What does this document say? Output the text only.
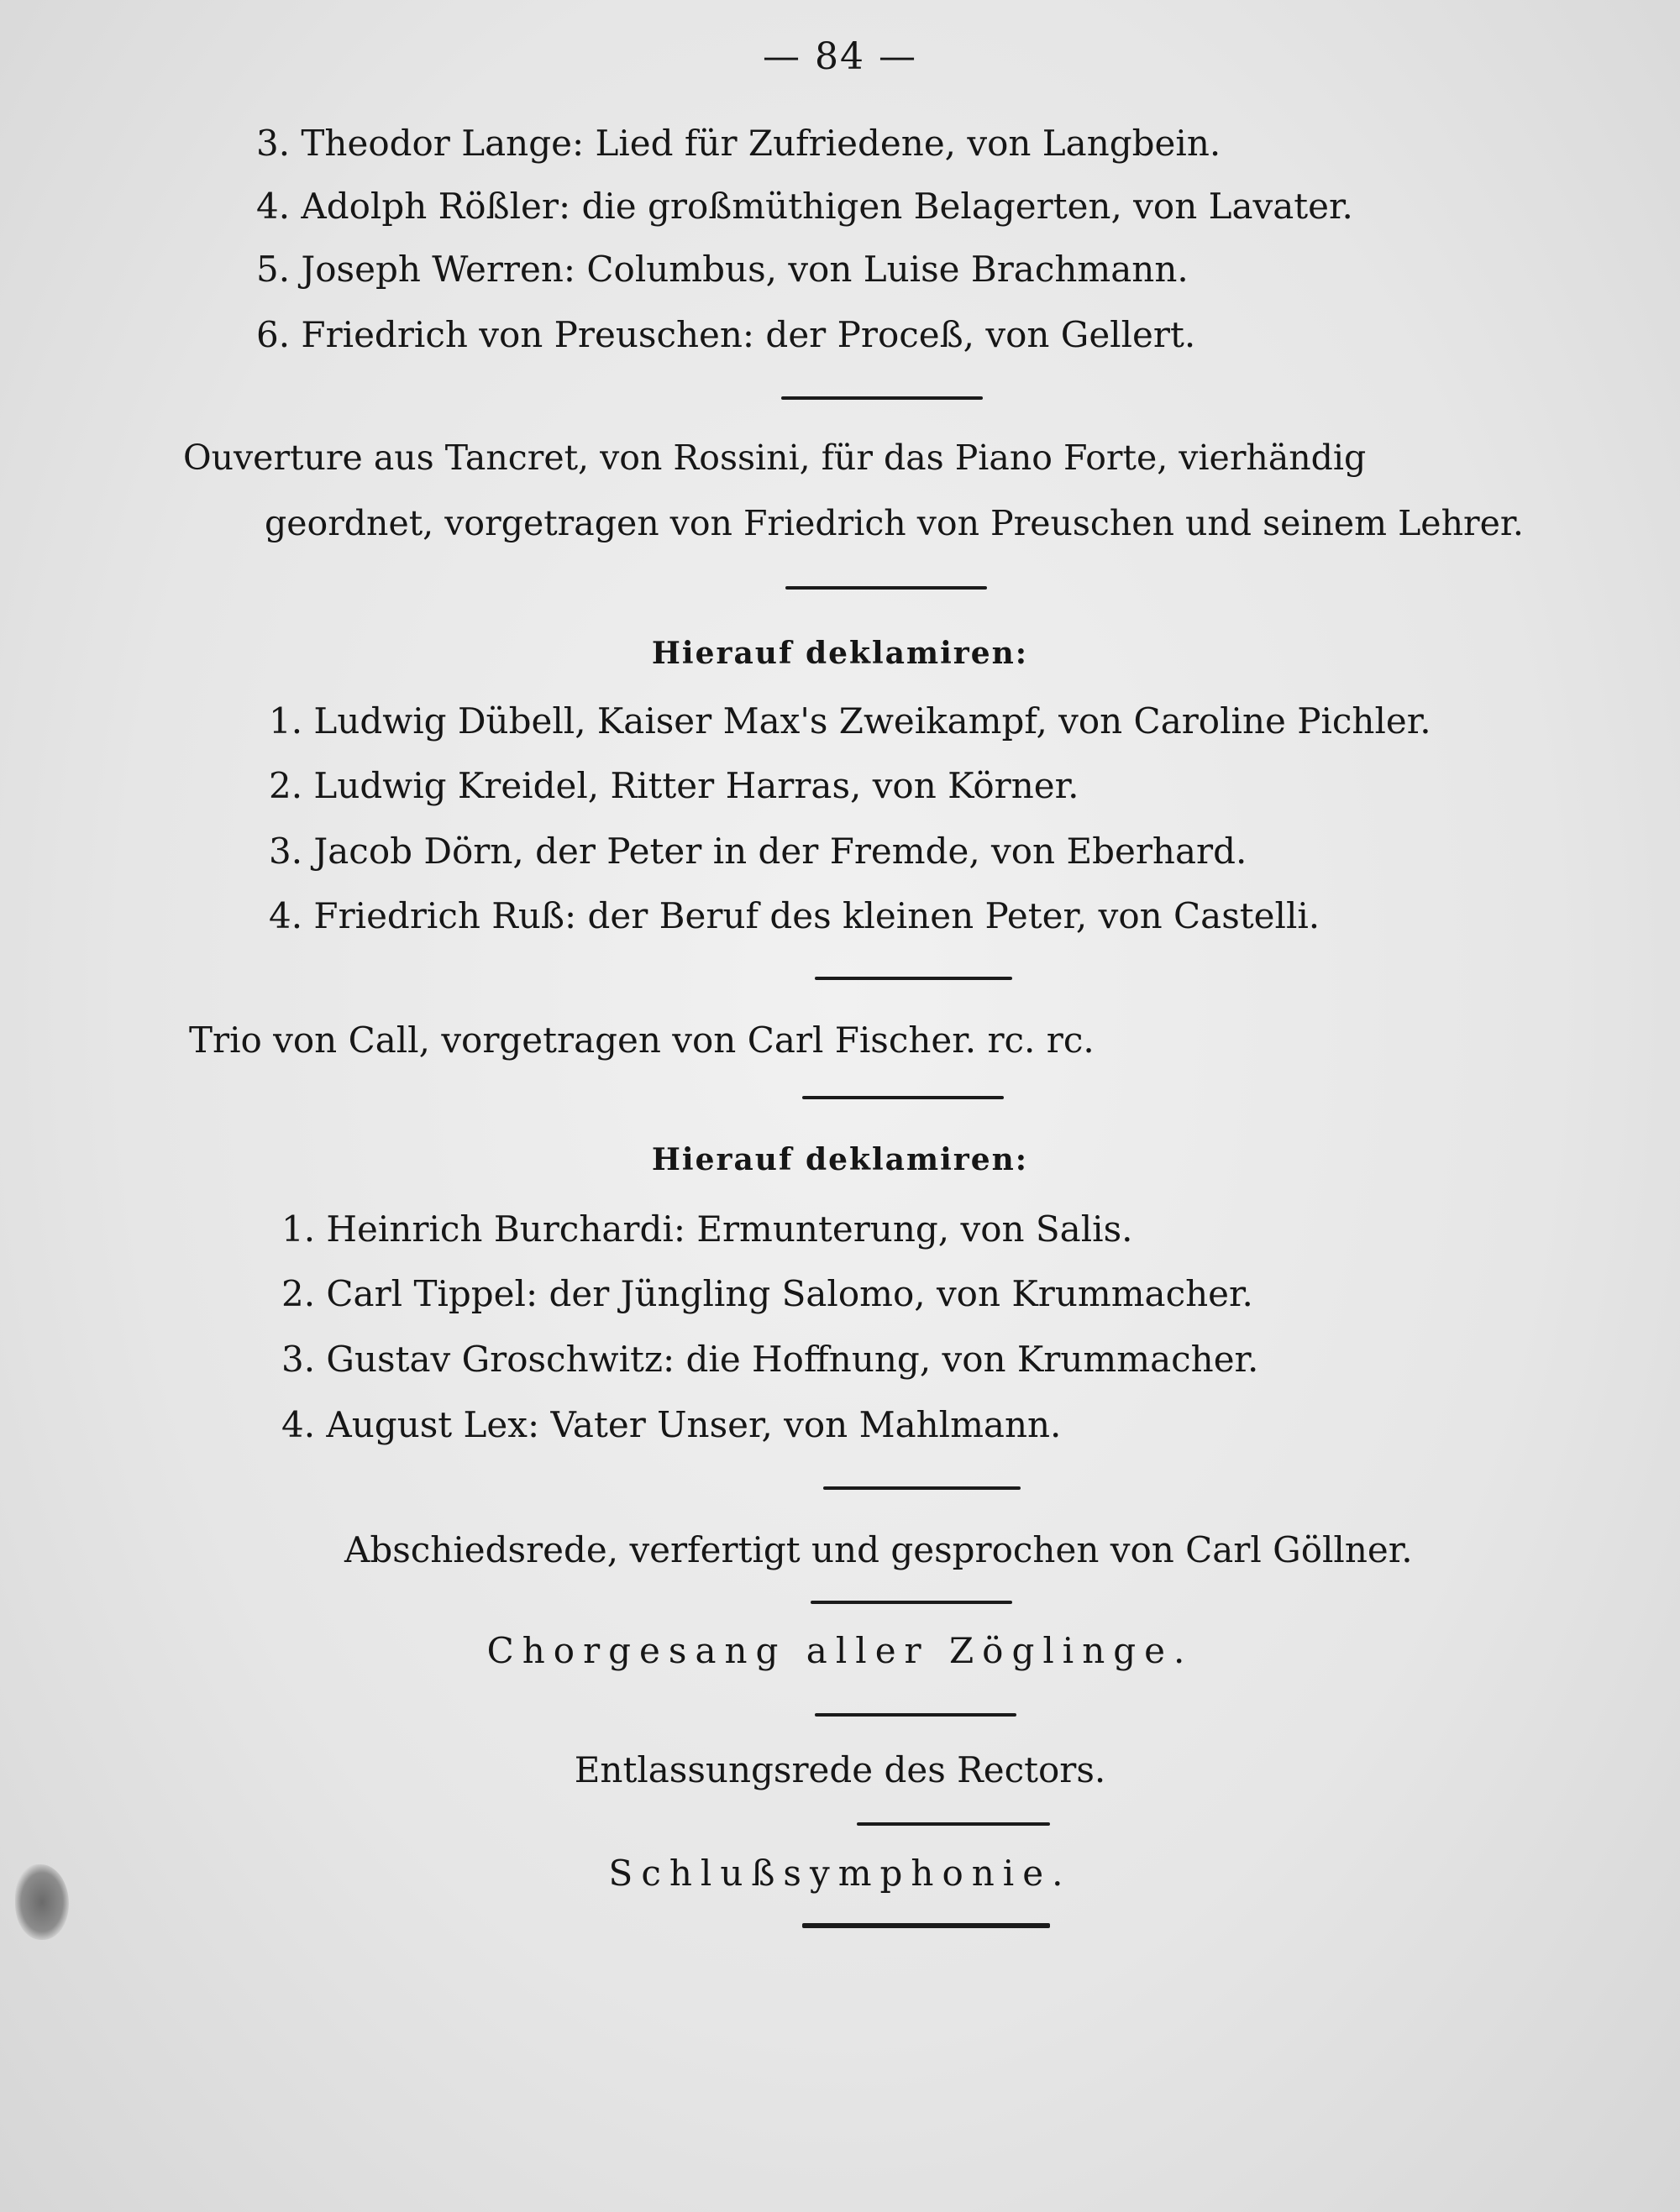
— 84 —
3. Theodor Lange: Lied für Zufriedene, von Langbein.
4. Adolph Rößler: die großmüthigen Belagerten, von Lavater.
5. Joseph Werren: Columbus, von Luise Brachmann.
6. Friedrich von Preuschen: der Proceß, von Gellert.
Ouverture aus Tancret, von Rossini, für das Piano Forte, vierhändig
geordnet, vorgetragen von Friedrich von Preuschen und seinem Lehrer.
Hierauf deklamiren:
1. Ludwig Dübell, Kaiser Max's Zweikampf, von Caroline Pichler.
2. Ludwig Kreidel, Ritter Harras, von Körner.
3. Jacob Dörn, der Peter in der Fremde, von Eberhard.
4. Friedrich Ruß: der Beruf des kleinen Peter, von Castelli.
Trio von Call, vorgetragen von Carl Fischer. rc. rc.
Hierauf deklamiren:
1. Heinrich Burchardi: Ermunterung, von Salis.
2. Carl Tippel: der Jüngling Salomo, von Krummacher.
3. Gustav Groschwitz: die Hoffnung, von Krummacher.
4. August Lex: Vater Unser, von Mahlmann.
Abschiedsrede, verfertigt und gesprochen von Carl Göllner.
Chorgesang aller Zöglinge.
Entlassungsrede des Rectors.
Schlußsymphonie.
